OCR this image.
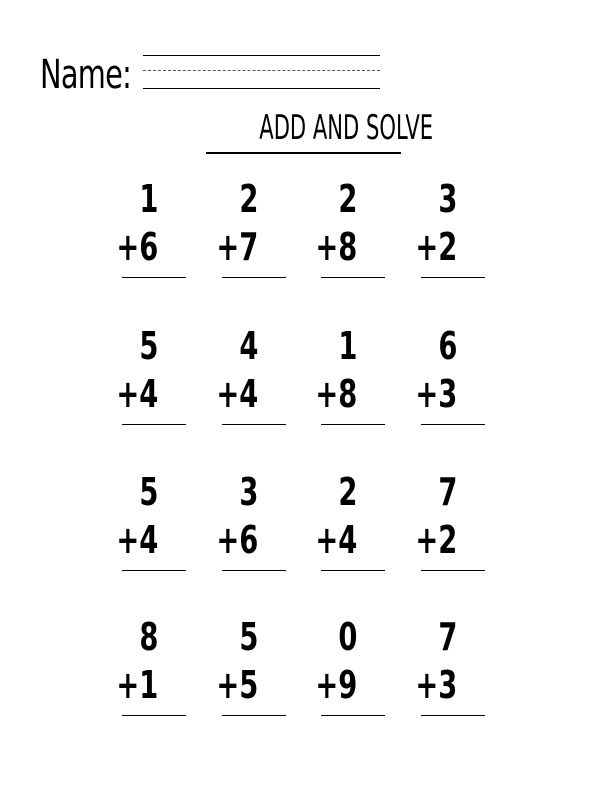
Name:
ADD AND SOLVE
1
+6
2
+7
2
+8
3
+2
5
+4
4
+4
1
+8
6
+3
5
+4
3
+6
2
+4
7
+2
8
+1
5
+5
0
+9
7
+3
